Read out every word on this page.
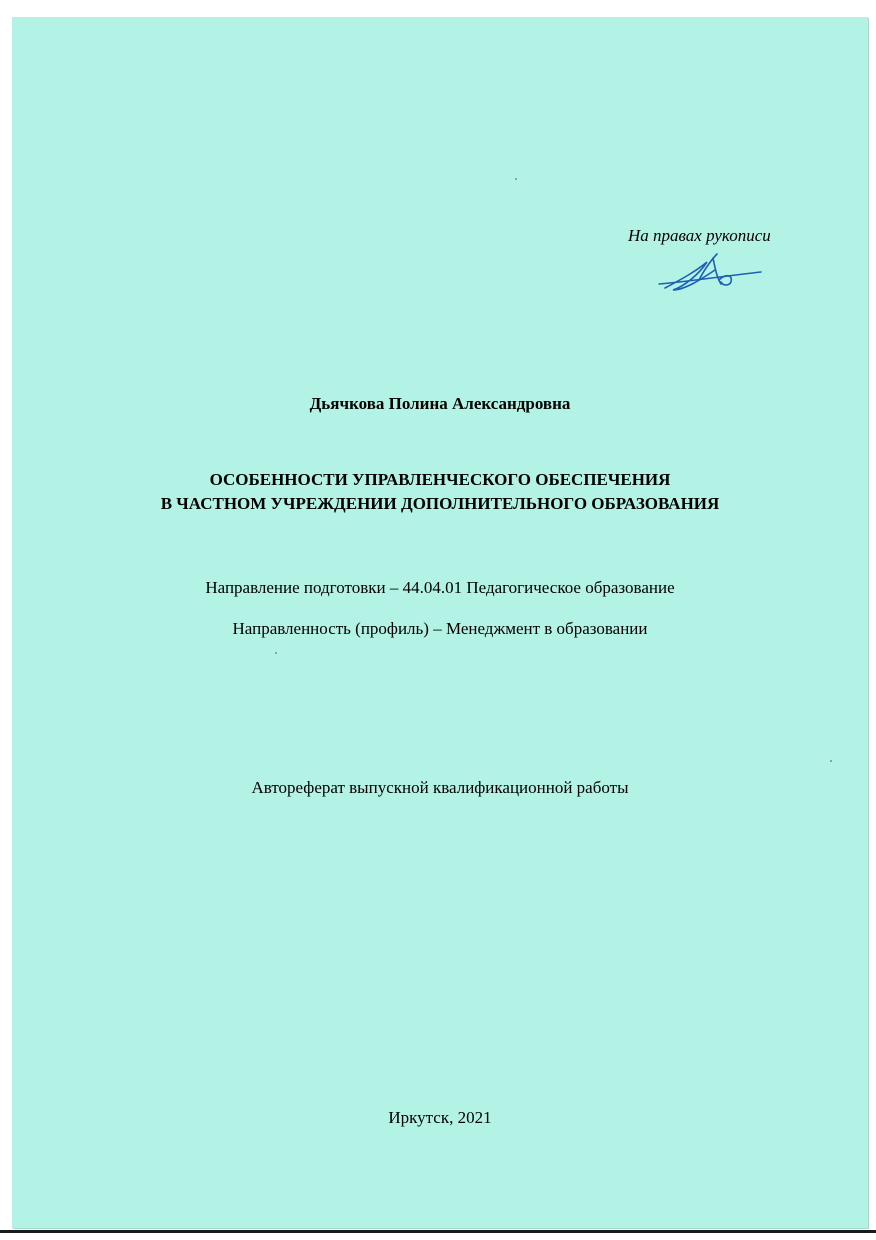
На правах рукописи
Дьячкова Полина Александровна
ОСОБЕННОСТИ УПРАВЛЕНЧЕСКОГО ОБЕСПЕЧЕНИЯ
В ЧАСТНОМ УЧРЕЖДЕНИИ ДОПОЛНИТЕЛЬНОГО ОБРАЗОВАНИЯ
Направление подготовки – 44.04.01 Педагогическое образование
Направленность (профиль) – Менеджмент в образовании
Автореферат выпускной квалификационной работы
Иркутск, 2021
